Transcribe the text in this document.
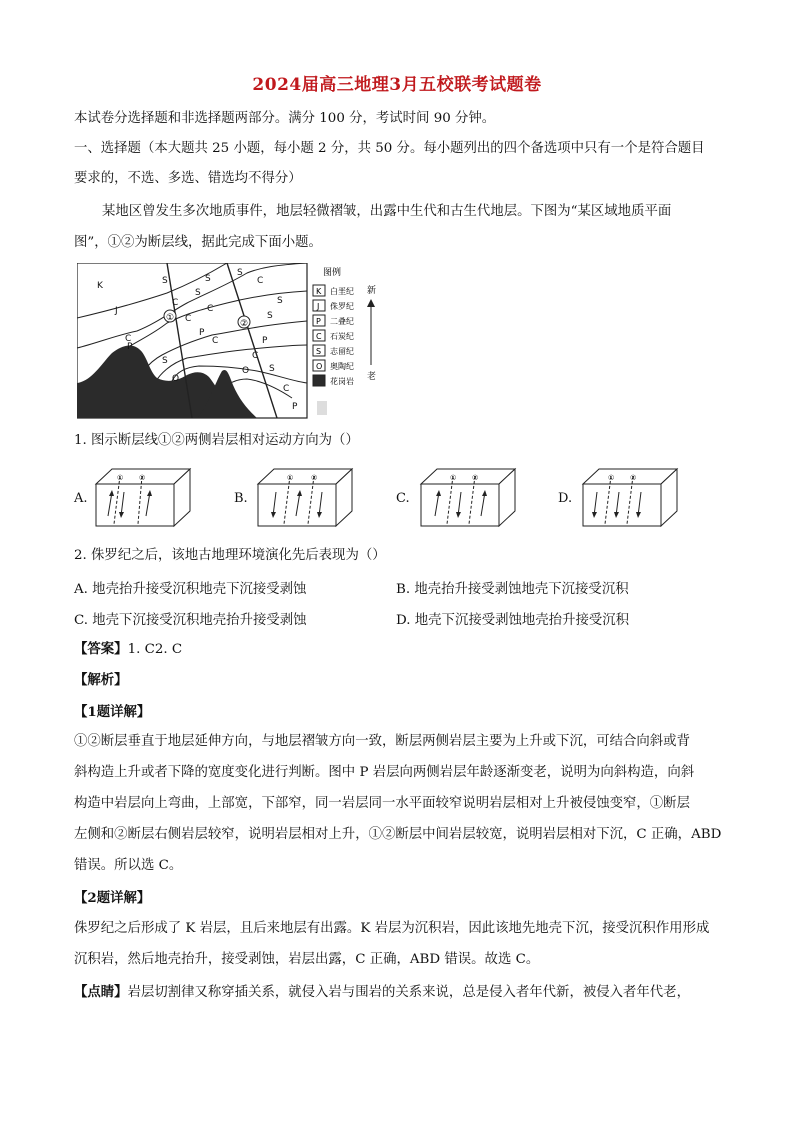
2024届高三地理3月五校联考试题卷
本试卷分选择题和非选择题两部分。满分 100 分，考试时间 90 分钟。
一、选择题（本大题共 25 小题，每小题 2 分，共 50 分。每小题列出的四个备选项中只有一个是符合题目
要求的，不选、多选、错选均不得分）
某地区曾发生多次地质事件，地层轻微褶皱，出露中生代和古生代地层。下图为“某区域地质平面
图”，①②为断层线，据此完成下面小题。
①
②
K
J
C
P
S
C
S
S
C
C
P
C
S
O
C
S
S
S
P
C
O S
C
P
图例
K 白垩纪
J 侏罗纪
P 二叠纪
C 石炭纪
S 志留纪
O 奥陶纪
花岗岩
新
老
1. 图示断层线①②两侧岩层相对运动方向为（）
A.	B.	C.	D.
① ②	①	②	① ②	① ②
2. 侏罗纪之后，该地古地理环境演化先后表现为（）
A. 地壳抬升接受沉积地壳下沉接受剥蚀	B. 地壳抬升接受剥蚀地壳下沉接受沉积
C. 地壳下沉接受沉积地壳抬升接受剥蚀	D. 地壳下沉接受剥蚀地壳抬升接受沉积
【答案】1. C2. C
【解析】
【1题详解】
①②断层垂直于地层延伸方向，与地层褶皱方向一致，断层两侧岩层主要为上升或下沉，可结合向斜或背
斜构造上升或者下降的宽度变化进行判断。图中 P 岩层向两侧岩层年龄逐渐变老，说明为向斜构造，向斜
构造中岩层向上弯曲，上部宽，下部窄，同一岩层同一水平面较窄说明岩层相对上升被侵蚀变窄，①断层
左侧和②断层右侧岩层较窄，说明岩层相对上升，①②断层中间岩层较宽，说明岩层相对下沉，C 正确，ABD
错误。所以选 C。
【2题详解】
侏罗纪之后形成了 K 岩层，且后来地层有出露。K 岩层为沉积岩，因此该地先地壳下沉，接受沉积作用形成
沉积岩，然后地壳抬升，接受剥蚀，岩层出露，C 正确，ABD 错误。故选 C。
【点睛】岩层切割律又称穿插关系，就侵入岩与围岩的关系来说，总是侵入者年代新，被侵入者年代老，
